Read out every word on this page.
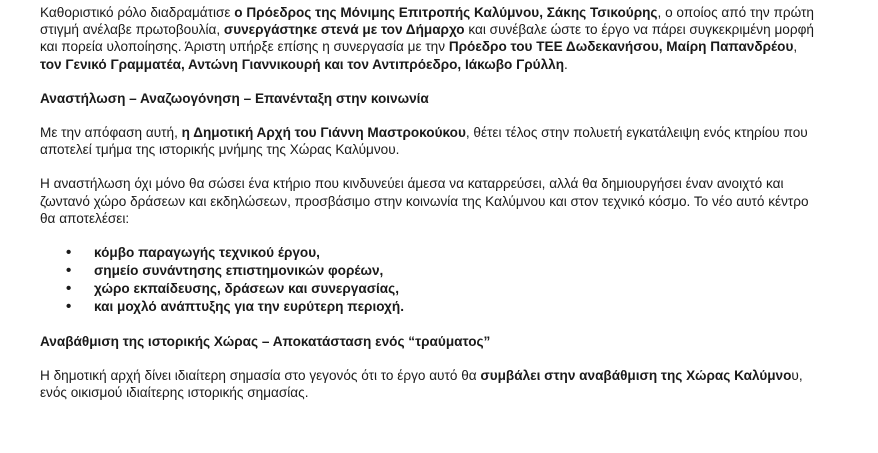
Καθοριστικό ρόλο διαδραμάτισε ο Πρόεδρος της Μόνιμης Επιτροπής Καλύμνου, Σάκης Τσικούρης, ο οποίος από την πρώτη στιγμή ανέλαβε πρωτοβουλία, συνεργάστηκε στενά με τον Δήμαρχο και συνέβαλε ώστε το έργο να πάρει συγκεκριμένη μορφή και πορεία υλοποίησης. Άριστη υπήρξε επίσης η συνεργασία με την Πρόεδρο του ΤΕΕ Δωδεκανήσου, Μαίρη Παπανδρέου, τον Γενικό Γραμματέα, Αντώνη Γιαννικουρή και τον Αντιπρόεδρο, Ιάκωβο Γρύλλη.

Αναστήλωση – Αναζωογόνηση – Επανένταξη στην κοινωνία

Με την απόφαση αυτή, η Δημοτική Αρχή του Γιάννη Μαστροκούκου, θέτει τέλος στην πολυετή εγκατάλειψη ενός κτηρίου που αποτελεί τμήμα της ιστορικής μνήμης της Χώρας Καλύμνου.

Η αναστήλωση όχι μόνο θα σώσει ένα κτήριο που κινδυνεύει άμεσα να καταρρεύσει, αλλά θα δημιουργήσει έναν ανοιχτό και ζωντανό χώρο δράσεων και εκδηλώσεων, προσβάσιμο στην κοινωνία της Καλύμνου και στον τεχνικό κόσμο. Το νέο αυτό κέντρο θα αποτελέσει:

• κόμβο παραγωγής τεχνικού έργου,
• σημείο συνάντησης επιστημονικών φορέων,
• χώρο εκπαίδευσης, δράσεων και συνεργασίας,
• και μοχλό ανάπτυξης για την ευρύτερη περιοχή.

Αναβάθμιση της ιστορικής Χώρας – Αποκατάσταση ενός “τραύματος”

Η δημοτική αρχή δίνει ιδιαίτερη σημασία στο γεγονός ότι το έργο αυτό θα συμβάλει στην αναβάθμιση της Χώρας Καλύμνου, ενός οικισμού ιδιαίτερης ιστορικής σημασίας.
